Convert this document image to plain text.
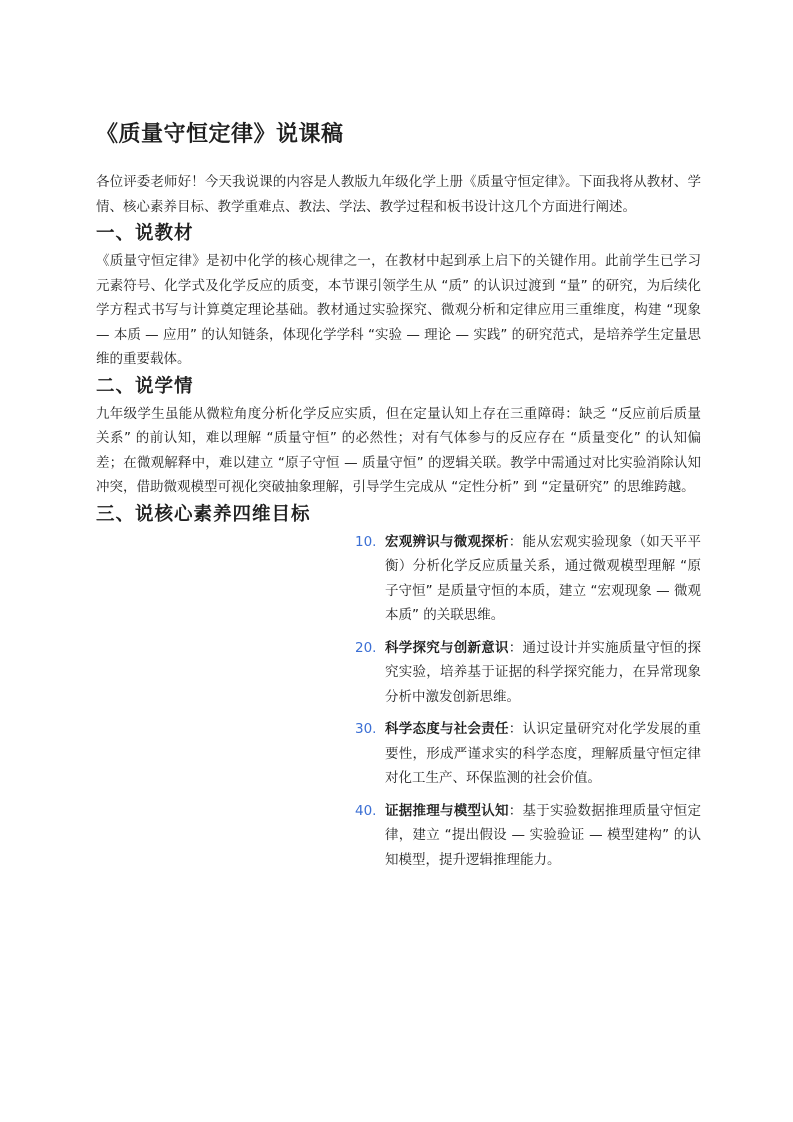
《质量守恒定律》说课稿

各位评委老师好！今天我说课的内容是人教版九年级化学上册《质量守恒定律》。下面我将从教材、学情、核心素养目标、教学重难点、教法、学法、教学过程和板书设计这几个方面进行阐述。

一、说教材

《质量守恒定律》是初中化学的核心规律之一，在教材中起到承上启下的关键作用。此前学生已学习元素符号、化学式及化学反应的质变，本节课引领学生从 “质” 的认识过渡到 “量” 的研究，为后续化学方程式书写与计算奠定理论基础。教材通过实验探究、微观分析和定律应用三重维度，构建 “现象 — 本质 — 应用” 的认知链条，体现化学学科 “实验 — 理论 — 实践” 的研究范式，是培养学生定量思维的重要载体。

二、说学情

九年级学生虽能从微粒角度分析化学反应实质，但在定量认知上存在三重障碍：缺乏 “反应前后质量关系” 的前认知，难以理解 “质量守恒” 的必然性；对有气体参与的反应存在 “质量变化” 的认知偏差；在微观解释中，难以建立 “原子守恒 — 质量守恒” 的逻辑关联。教学中需通过对比实验消除认知冲突，借助微观模型可视化突破抽象理解，引导学生完成从 “定性分析” 到 “定量研究” 的思维跨越。

三、说核心素养四维目标
10. 宏观辨识与微观探析：能从宏观实验现象（如天平平衡）分析化学反应质量关系，通过微观模型理解 “原子守恒” 是质量守恒的本质，建立 “宏观现象 — 微观本质” 的关联思维。
20. 科学探究与创新意识：通过设计并实施质量守恒的探究实验，培养基于证据的科学探究能力，在异常现象分析中激发创新思维。
30. 科学态度与社会责任：认识定量研究对化学发展的重要性，形成严谨求实的科学态度，理解质量守恒定律对化工生产、环保监测的社会价值。
40. 证据推理与模型认知：基于实验数据推理质量守恒定律，建立 “提出假设 — 实验验证 — 模型建构” 的认知模型，提升逻辑推理能力。
